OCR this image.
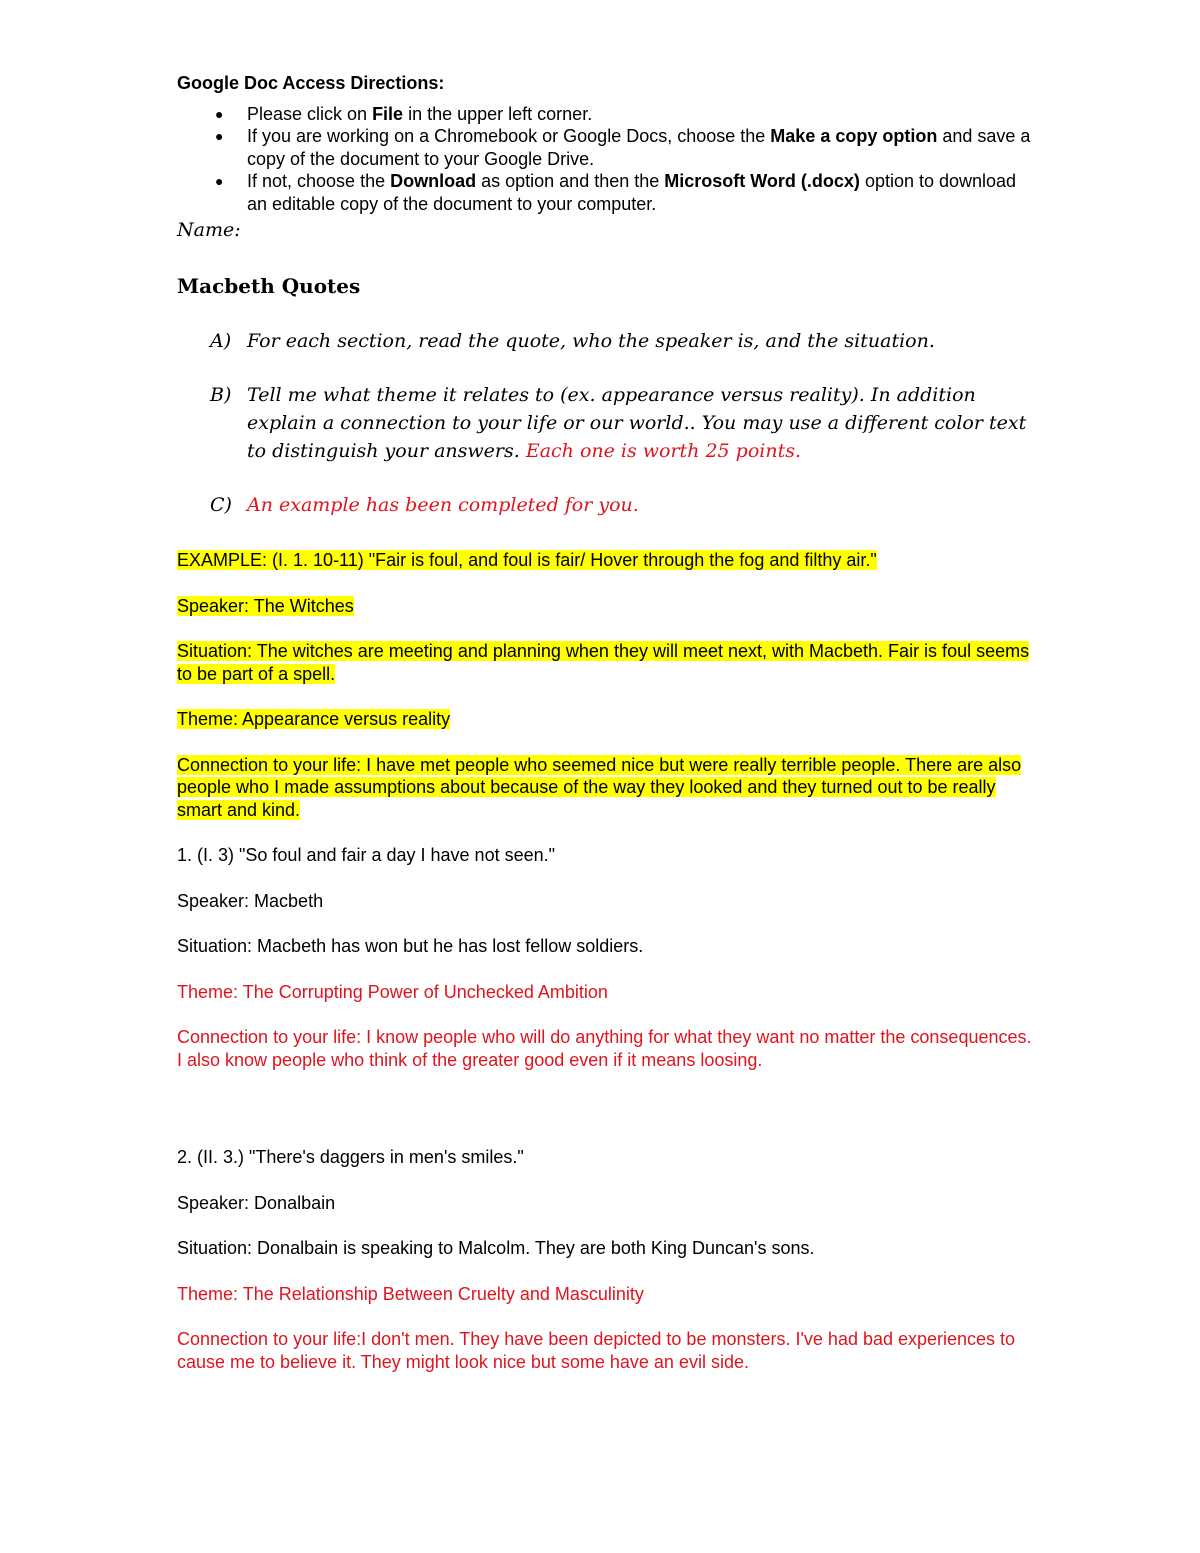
Google Doc Access Directions:
● Please click on File in the upper left corner.
● If you are working on a Chromebook or Google Docs, choose the Make a copy option and save a copy of the document to your Google Drive.
● If not, choose the Download as option and then the Microsoft Word (.docx) option to download an editable copy of the document to your computer.
Name:
Macbeth Quotes
A) For each section, read the quote, who the speaker is, and the situation.
B) Tell me what theme it relates to (ex. appearance versus reality). In addition explain a connection to your life or our world.. You may use a different color text to distinguish your answers. Each one is worth 25 points.
C) An example has been completed for you.

EXAMPLE: (I. 1. 10-11) "Fair is foul, and foul is fair/ Hover through the fog and filthy air."

Speaker: The Witches

Situation: The witches are meeting and planning when they will meet next, with Macbeth. Fair is foul seems to be part of a spell.

Theme: Appearance versus reality

Connection to your life: I have met people who seemed nice but were really terrible people. There are also people who I made assumptions about because of the way they looked and they turned out to be really smart and kind.

1. (I. 3) "So foul and fair a day I have not seen."

Speaker: Macbeth

Situation: Macbeth has won but he has lost fellow soldiers.

Theme: The Corrupting Power of Unchecked Ambition

Connection to your life: I know people who will do anything for what they want no matter the consequences. I also know people who think of the greater good even if it means loosing.

2. (II. 3.) "There's daggers in men's smiles."

Speaker: Donalbain

Situation: Donalbain is speaking to Malcolm. They are both King Duncan's sons.

Theme: The Relationship Between Cruelty and Masculinity

Connection to your life:I don't men. They have been depicted to be monsters. I've had bad experiences to cause me to believe it. They might look nice but some have an evil side.
